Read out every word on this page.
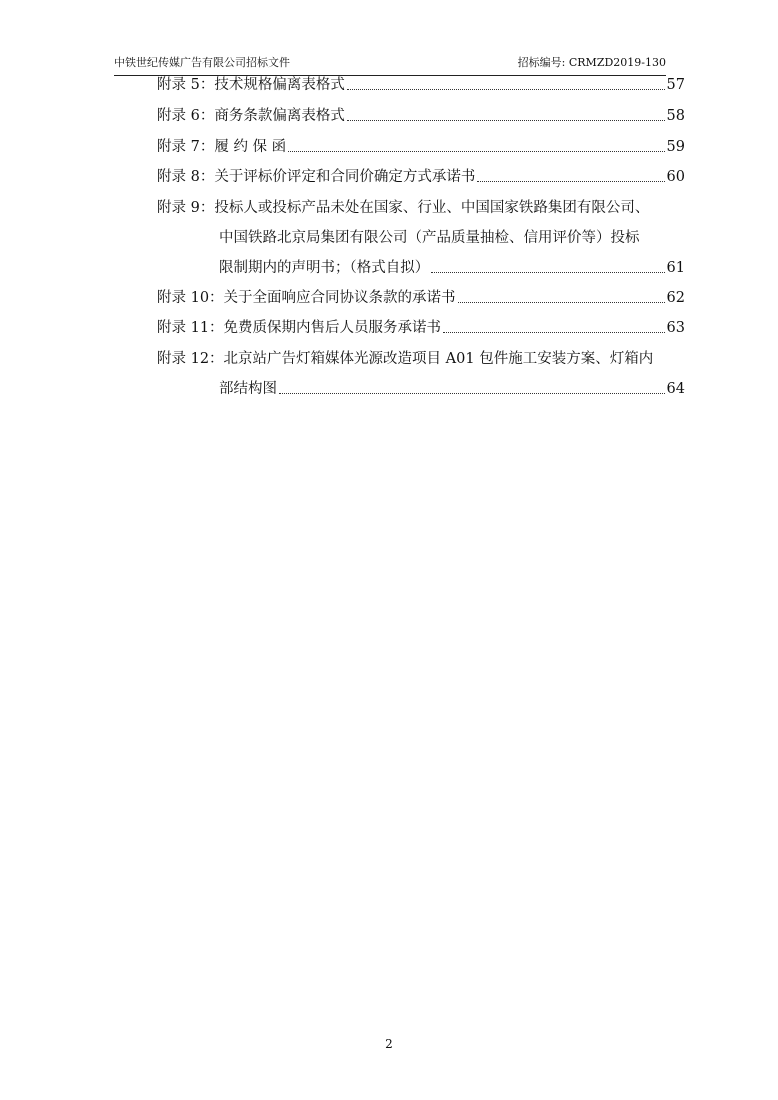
中铁世纪传媒广告有限公司招标文件	招标编号: CRMZD2019-130
附录 5：技术规格偏离表格式	57
附录 6：商务条款偏离表格式	58
附录 7：履 约 保 函	59
附录 8：关于评标价评定和合同价确定方式承诺书	60
附录 9：投标人或投标产品未处在国家、行业、中国国家铁路集团有限公司、
中国铁路北京局集团有限公司（产品质量抽检、信用评价等）投标
限制期内的声明书；（格式自拟）	61
附录 10：关于全面响应合同协议条款的承诺书	62
附录 11：免费质保期内售后人员服务承诺书	63
附录 12：北京站广告灯箱媒体光源改造项目 A01 包件施工安装方案、灯箱内
部结构图	64
2
